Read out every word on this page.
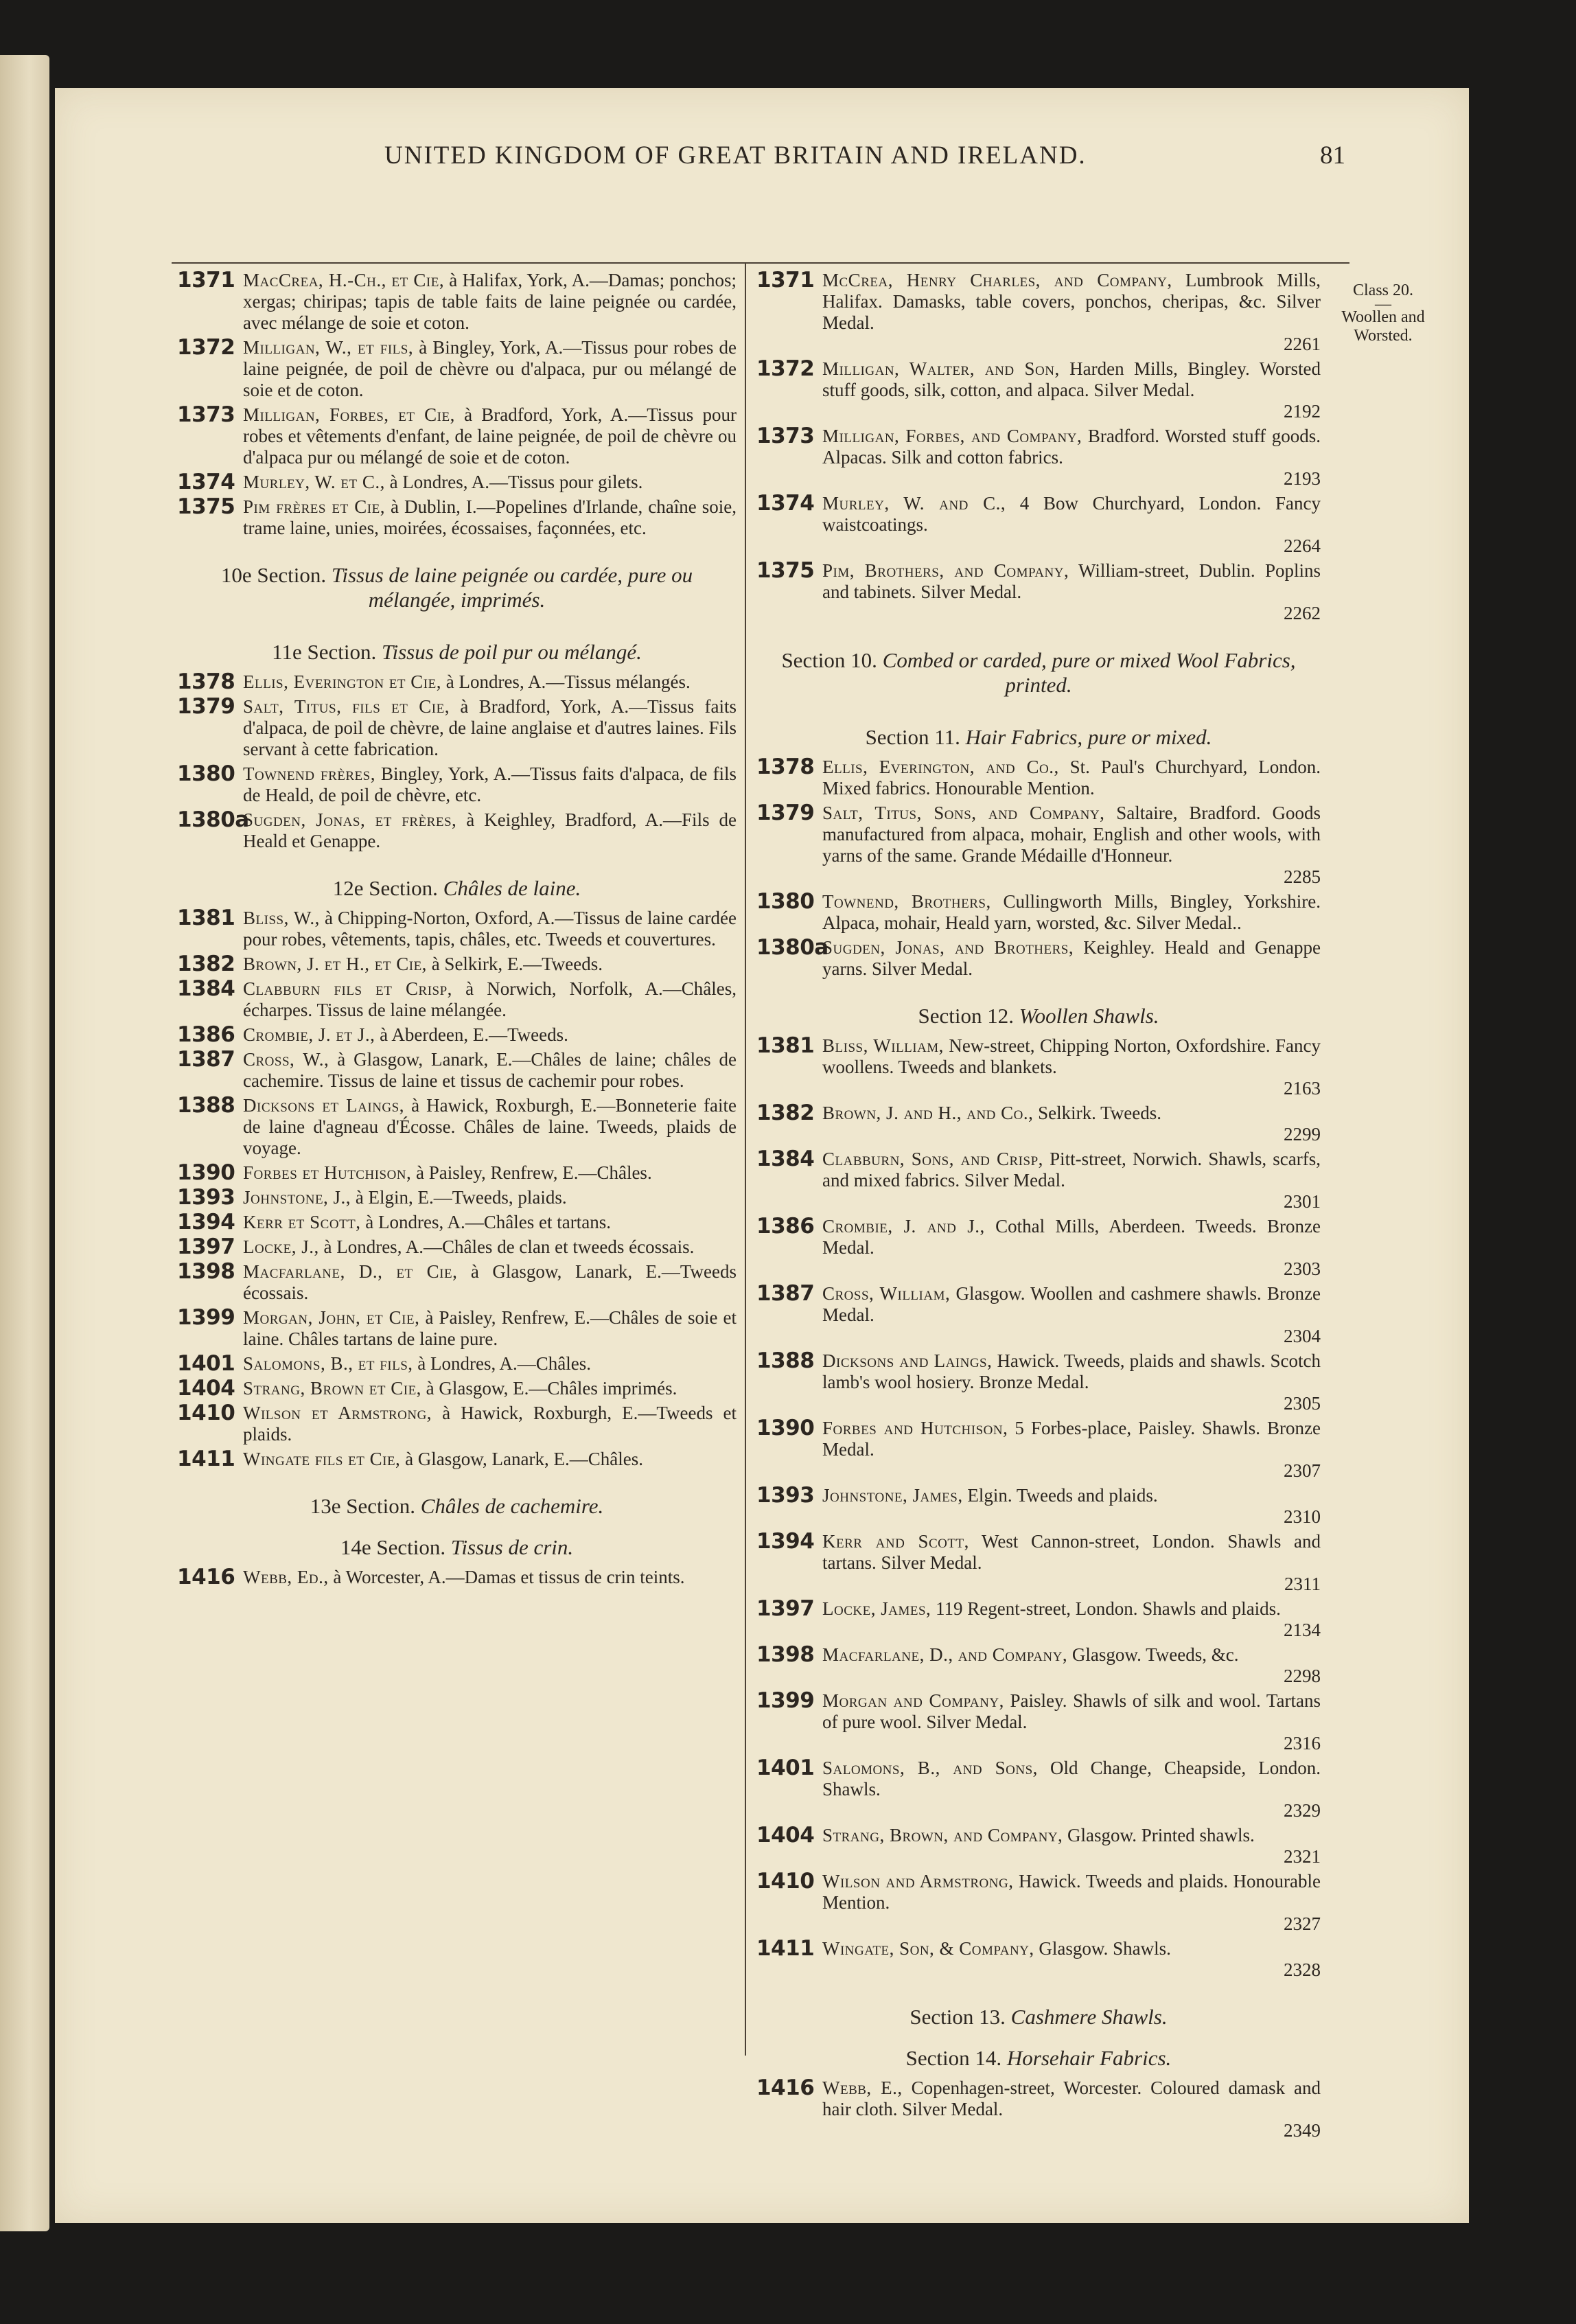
UNITED KINGDOM OF GREAT BRITAIN AND IRELAND.	81
Class 20.
—
Woollen and
Worsted.
1371 MacCrea, H.-Ch., et Cie, à Halifax, York, A.—Damas; ponchos; xergas; chiripas; tapis de table faits de laine peignée ou cardée, avec mélange de soie et coton.
1372 Milligan, W., et fils, à Bingley, York, A.—Tissus pour robes de laine peignée, de poil de chèvre ou d'alpaca, pur ou mélangé de soie et de coton.
1373 Milligan, Forbes, et Cie, à Bradford, York, A.—Tissus pour robes et vêtements d'enfant, de laine peignée, de poil de chèvre ou d'alpaca pur ou mélangé de soie et de coton.
1374 Murley, W. et C., à Londres, A.—Tissus pour gilets.
1375 Pim frères et Cie, à Dublin, I.—Popelines d'Irlande, chaîne soie, trame laine, unies, moirées, écossaises, façonnées, etc.
10e Section. Tissus de laine peignée ou cardée, pure ou mélangée, imprimés.
11e Section. Tissus de poil pur ou mélangé.
1378 Ellis, Everington et Cie, à Londres, A.—Tissus mélangés.
1379 Salt, Titus, fils et Cie, à Bradford, York, A.—Tissus faits d'alpaca, de poil de chèvre, de laine anglaise et d'autres laines. Fils servant à cette fabrication.
1380 Townend frères, Bingley, York, A.—Tissus faits d'alpaca, de fils de Heald, de poil de chèvre, etc.
1380a
Sugden, Jonas, et frères, à Keighley, Bradford, A.—Fils de Heald et Genappe.
12e Section. Châles de laine.
1381 Bliss, W., à Chipping-Norton, Oxford, A.—Tissus de laine cardée pour robes, vêtements, tapis, châles, etc. Tweeds et couvertures.
1382 Brown, J. et H., et Cie, à Selkirk, E.—Tweeds.
1384 Clabburn fils et Crisp, à Norwich, Norfolk, A.—Châles, écharpes. Tissus de laine mélangée.
1386 Crombie, J. et J., à Aberdeen, E.—Tweeds.
1387 Cross, W., à Glasgow, Lanark, E.—Châles de laine; châles de cachemire. Tissus de laine et tissus de cachemir pour robes.
1388 Dicksons et Laings, à Hawick, Roxburgh, E.—Bonneterie faite de laine d'agneau d'Écosse. Châles de laine. Tweeds, plaids de voyage.
1390 Forbes et Hutchison, à Paisley, Renfrew, E.—Châles.
1393 Johnstone, J., à Elgin, E.—Tweeds, plaids.
1394 Kerr et Scott, à Londres, A.—Châles et tartans.
1397 Locke, J., à Londres, A.—Châles de clan et tweeds écossais.
1398 Macfarlane, D., et Cie, à Glasgow, Lanark, E.—Tweeds écossais.
1399 Morgan, John, et Cie, à Paisley, Renfrew, E.—Châles de soie et laine. Châles tartans de laine pure.
1401 Salomons, B., et fils, à Londres, A.—Châles.
1404 Strang, Brown et Cie, à Glasgow, E.—Châles imprimés.
1410 Wilson et Armstrong, à Hawick, Roxburgh, E.—Tweeds et plaids.
1411 Wingate fils et Cie, à Glasgow, Lanark, E.—Châles.
13e Section. Châles de cachemire.
14e Section. Tissus de crin.
1416 Webb, Ed., à Worcester, A.—Damas et tissus de crin teints.
1371 McCrea, Henry Charles, and Company, Lumbrook Mills, Halifax. Damasks, table covers, ponchos, cheripas, &c. Silver Medal.
2261
1372 Milligan, Walter, and Son, Harden Mills, Bingley. Worsted stuff goods, silk, cotton, and alpaca. Silver Medal.
2192
1373 Milligan, Forbes, and Company, Bradford. Worsted stuff goods. Alpacas. Silk and cotton fabrics.
2193
1374 Murley, W. and C., 4 Bow Churchyard, London. Fancy waistcoatings.
2264
1375 Pim, Brothers, and Company, William-street, Dublin. Poplins and tabinets. Silver Medal.
2262
Section 10. Combed or carded, pure or mixed Wool Fabrics, printed.
Section 11. Hair Fabrics, pure or mixed.
1378 Ellis, Everington, and Co., St. Paul's Churchyard, London. Mixed fabrics. Honourable Mention.
1379 Salt, Titus, Sons, and Company, Saltaire, Bradford. Goods manufactured from alpaca, mohair, English and other wools, with yarns of the same. Grande Médaille d'Honneur.
2285
1380 Townend, Brothers, Cullingworth Mills, Bingley, Yorkshire. Alpaca, mohair, Heald yarn, worsted, &c. Silver Medal..
1380a
Sugden, Jonas, and Brothers, Keighley. Heald and Genappe yarns. Silver Medal.
Section 12. Woollen Shawls.
1381 Bliss, William, New-street, Chipping Norton, Oxfordshire. Fancy woollens. Tweeds and blankets.
2163
1382 Brown, J. and H., and Co., Selkirk. Tweeds.
2299
1384 Clabburn, Sons, and Crisp, Pitt-street, Norwich. Shawls, scarfs, and mixed fabrics. Silver Medal.
2301
1386 Crombie, J. and J., Cothal Mills, Aberdeen. Tweeds. Bronze Medal.
2303
1387 Cross, William, Glasgow. Woollen and cashmere shawls. Bronze Medal.
2304
1388 Dicksons and Laings, Hawick. Tweeds, plaids and shawls. Scotch lamb's wool hosiery. Bronze Medal.
2305
1390 Forbes and Hutchison, 5 Forbes-place, Paisley. Shawls. Bronze Medal.
2307
1393 Johnstone, James, Elgin. Tweeds and plaids.
2310
1394 Kerr and Scott, West Cannon-street, London. Shawls and tartans. Silver Medal.
2311
1397 Locke, James, 119 Regent-street, London. Shawls and plaids.
2134
1398 Macfarlane, D., and Company, Glasgow. Tweeds, &c.
2298
1399 Morgan and Company, Paisley. Shawls of silk and wool. Tartans of pure wool. Silver Medal.
2316
1401 Salomons, B., and Sons, Old Change, Cheapside, London. Shawls.
2329
1404 Strang, Brown, and Company, Glasgow. Printed shawls.
2321
1410 Wilson and Armstrong, Hawick. Tweeds and plaids. Honourable Mention.
2327
1411 Wingate, Son, & Company, Glasgow. Shawls.
2328
Section 13. Cashmere Shawls.
Section 14. Horsehair Fabrics.
1416 Webb, E., Copenhagen-street, Worcester. Coloured damask and hair cloth. Silver Medal.
2349
